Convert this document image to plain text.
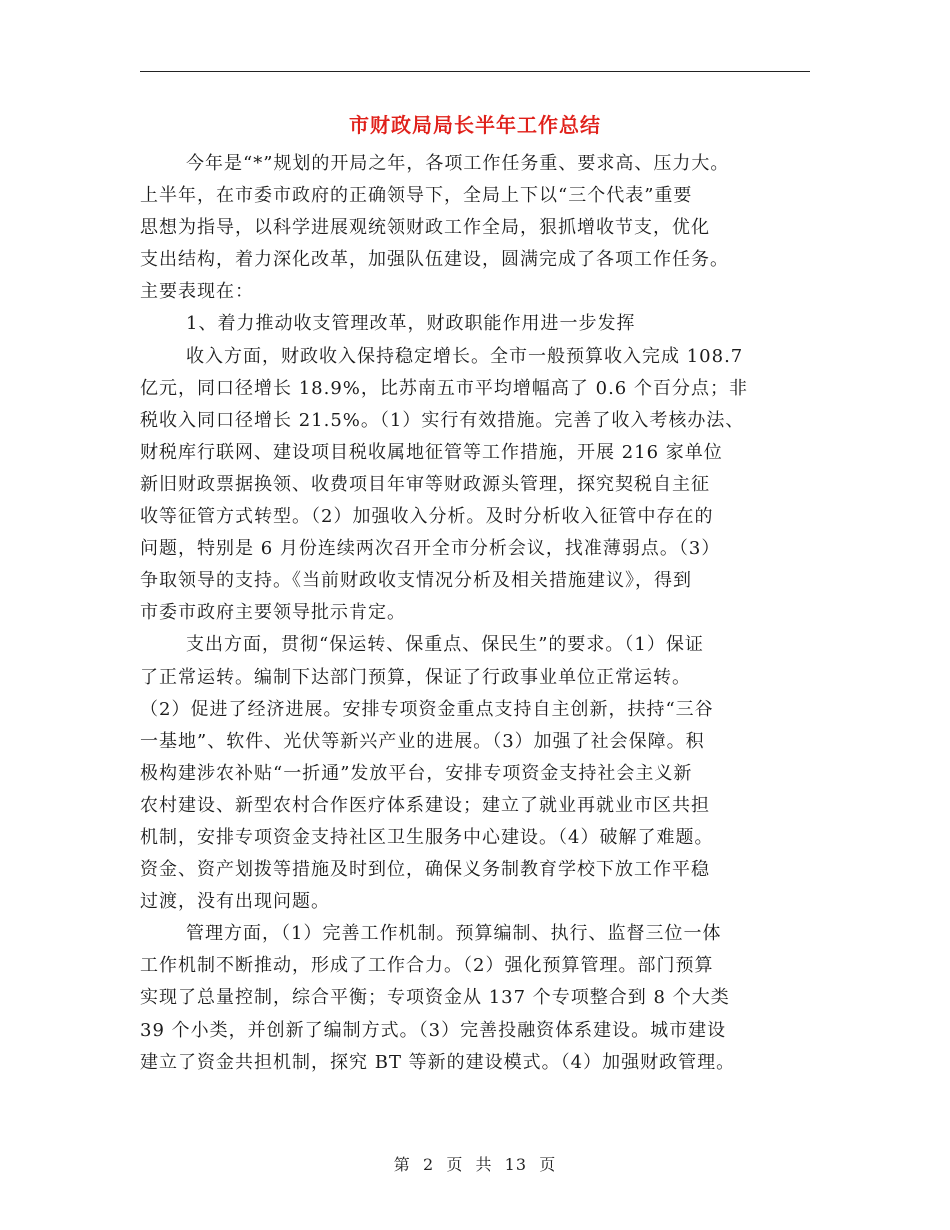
市财政局局长半年工作总结
今年是“*”规划的开局之年，各项工作任务重、要求高、压力大。
上半年，在市委市政府的正确领导下，全局上下以“三个代表”重要
思想为指导，以科学进展观统领财政工作全局，狠抓增收节支，优化
支出结构，着力深化改革，加强队伍建设，圆满完成了各项工作任务。
主要表现在：
1、着力推动收支管理改革，财政职能作用进一步发挥
收入方面，财政收入保持稳定增长。全市一般预算收入完成 108.7
亿元，同口径增长 18.9%，比苏南五市平均增幅高了 0.6 个百分点；非
税收入同口径增长 21.5%。（1）实行有效措施。完善了收入考核办法、
财税库行联网、建设项目税收属地征管等工作措施，开展 216 家单位
新旧财政票据换领、收费项目年审等财政源头管理，探究契税自主征
收等征管方式转型。（2）加强收入分析。及时分析收入征管中存在的
问题，特别是 6 月份连续两次召开全市分析会议，找准薄弱点。（3）
争取领导的支持。《当前财政收支情况分析及相关措施建议》，得到
市委市政府主要领导批示肯定。
支出方面，贯彻“保运转、保重点、保民生”的要求。（1）保证
了正常运转。编制下达部门预算，保证了行政事业单位正常运转。
（2）促进了经济进展。安排专项资金重点支持自主创新，扶持“三谷
一基地”、软件、光伏等新兴产业的进展。（3）加强了社会保障。积
极构建涉农补贴“一折通”发放平台，安排专项资金支持社会主义新
农村建设、新型农村合作医疗体系建设；建立了就业再就业市区共担
机制，安排专项资金支持社区卫生服务中心建设。（4）破解了难题。
资金、资产划拨等措施及时到位，确保义务制教育学校下放工作平稳
过渡，没有出现问题。
管理方面，（1）完善工作机制。预算编制、执行、监督三位一体
工作机制不断推动，形成了工作合力。（2）强化预算管理。部门预算
实现了总量控制，综合平衡；专项资金从 137 个专项整合到 8 个大类
39 个小类，并创新了编制方式。（3）完善投融资体系建设。城市建设
建立了资金共担机制，探究 BT 等新的建设模式。（4）加强财政管理。
第  2  页  共  13  页
